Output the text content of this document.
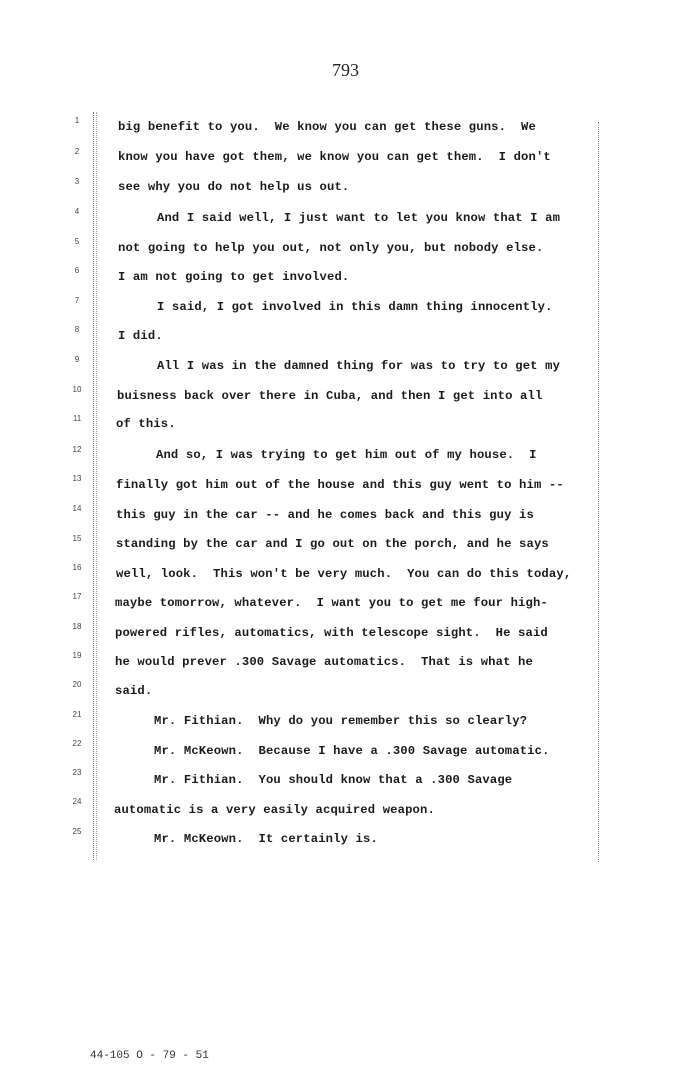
793
1
2
3
4
5
6
7
8
9
10
11
12
13
14
15
16
17
18
19
20
21
22
23
24
25
big benefit to you.  We know you can get these guns.  We
know you have got them, we know you can get them.  I don't
see why you do not help us out.
And I said well, I just want to let you know that I am
not going to help you out, not only you, but nobody else.
I am not going to get involved.
I said, I got involved in this damn thing innocently.
I did.
All I was in the damned thing for was to try to get my
buisness back over there in Cuba, and then I get into all
of this.
And so, I was trying to get him out of my house.  I
finally got him out of the house and this guy went to him --
this guy in the car -- and he comes back and this guy is
standing by the car and I go out on the porch, and he says
well, look.  This won't be very much.  You can do this today,
maybe tomorrow, whatever.  I want you to get me four high-
powered rifles, automatics, with telescope sight.  He said
he would prever .300 Savage automatics.  That is what he
said.
Mr. Fithian.  Why do you remember this so clearly?
Mr. McKeown.  Because I have a .300 Savage automatic.
Mr. Fithian.  You should know that a .300 Savage
automatic is a very easily acquired weapon.
Mr. McKeown.  It certainly is.
44-105 O - 79 - 51
